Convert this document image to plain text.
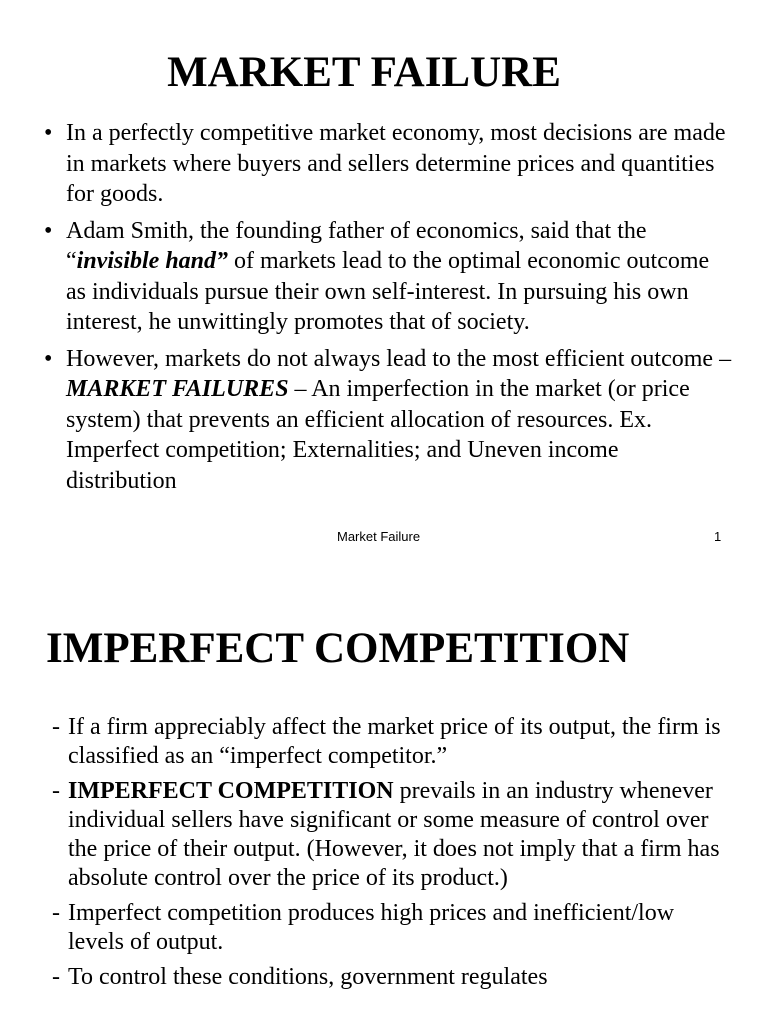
MARKET FAILURE
• In a perfectly competitive market economy, most decisions are made in markets where buyers and sellers determine prices and quantities for goods.
• Adam Smith, the founding father of economics, said that the “invisible hand” of markets lead to the optimal economic outcome as individuals pursue their own self-interest. In pursuing his own interest, he unwittingly promotes that of society.
• However, markets do not always lead to the most efficient outcome – MARKET FAILURES – An imperfection in the market (or price system) that prevents an efficient allocation of resources. Ex. Imperfect competition; Externalities; and Uneven income distribution
Market Failure	1
IMPERFECT COMPETITION
- If a firm appreciably affect the market price of its output, the firm is classified as an “imperfect competitor.”
- IMPERFECT COMPETITION prevails in an industry whenever individual sellers have significant or some measure of control over the price of their output. (However, it does not imply that a firm has absolute control over the price of its product.)
- Imperfect competition produces high prices and inefficient/low levels of output.
- To control these conditions, government regulates
